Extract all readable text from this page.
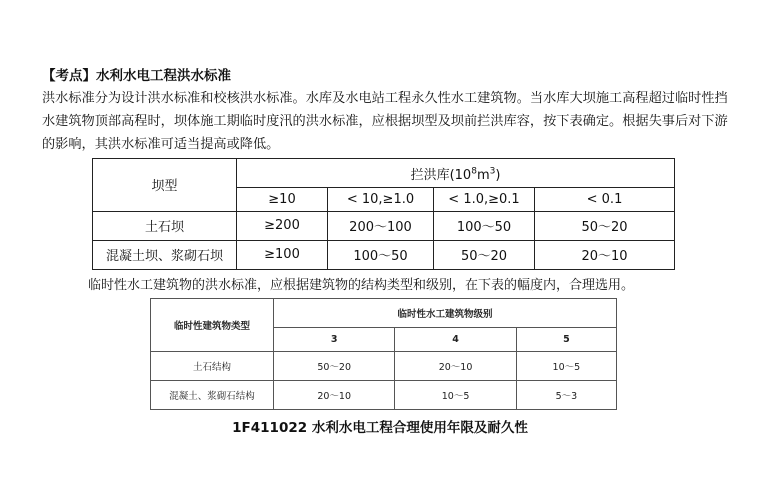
【考点】水利水电工程洪水标准
洪水标准分为设计洪水标准和校核洪水标准。水库及水电站工程永久性水工建筑物。当水库大坝施工高程超过临时性挡水建筑物顶部高程时，坝体施工期临时度汛的洪水标准，应根据坝型及坝前拦洪库容，按下表确定。根据失事后对下游的影响，其洪水标准可适当提高或降低。
坝型	拦洪库$(10^8m^3)$			
	≥10	< 10,≥1.0	< 1.0,≥0.1	< 0.1
土石坝	≥200	200～100	100～50	50～20
混凝土坝、浆砌石坝	≥100	100～50	50～20	20～10
临时性水工建筑物的洪水标准，应根据建筑物的结构类型和级别，在下表的幅度内，合理选用。
临时性建筑物类型	临时性水工建筑物级别		
	3	4	5
土石结构	50～20	20～10	10～5
混凝土、浆砌石结构	20～10	10～5	5～3
1F411022 水利水电工程合理使用年限及耐久性
